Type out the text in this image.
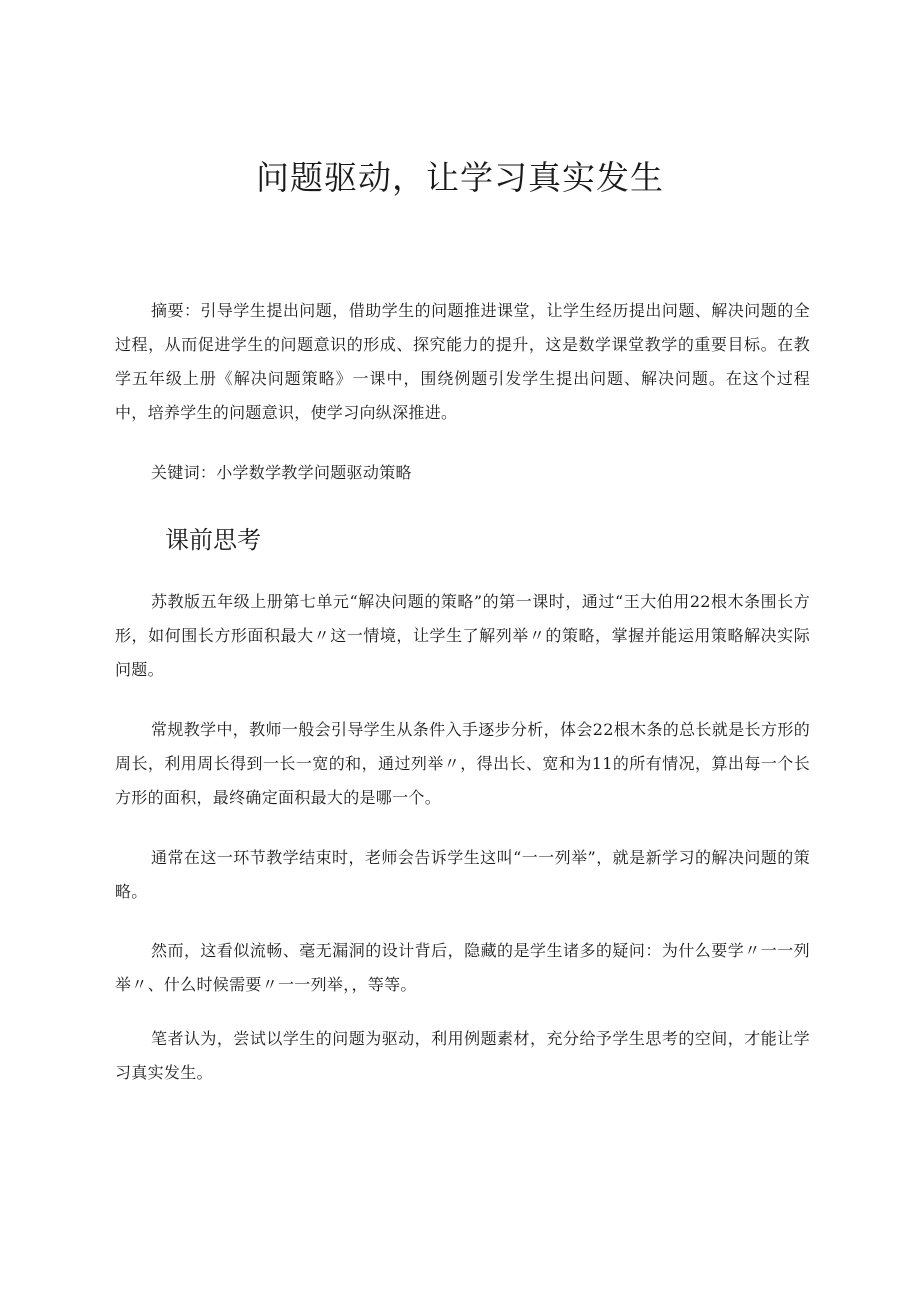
问题驱动，让学习真实发生

摘要：引导学生提出问题，借助学生的问题推进课堂，让学生经历提出问题、解决问题的全过程，从而促进学生的问题意识的形成、探究能力的提升，这是数学课堂教学的重要目标。在教学五年级上册《解决问题策略》一课中，围绕例题引发学生提出问题、解决问题。在这个过程中，培养学生的问题意识，使学习向纵深推进。

关键词：小学数学教学问题驱动策略

课前思考

苏教版五年级上册第七单元“解决问题的策略”的第一课时，通过“王大伯用22根木条围长方形，如何围长方形面积最大〃这一情境，让学生了解列举〃的策略，掌握并能运用策略解决实际问题。

常规教学中，教师一般会引导学生从条件入手逐步分析，体会22根木条的总长就是长方形的周长，利用周长得到一长一宽的和，通过列举〃，得出长、宽和为11的所有情况，算出每一个长方形的面积，最终确定面积最大的是哪一个。

通常在这一环节教学结束时，老师会告诉学生这叫“一一列举”，就是新学习的解决问题的策略。

然而，这看似流畅、毫无漏洞的设计背后，隐藏的是学生诸多的疑问：为什么要学〃一一列举〃、什么时候需要〃一一列举，，等等。

笔者认为，尝试以学生的问题为驱动，利用例题素材，充分给予学生思考的空间，才能让学习真实发生。
